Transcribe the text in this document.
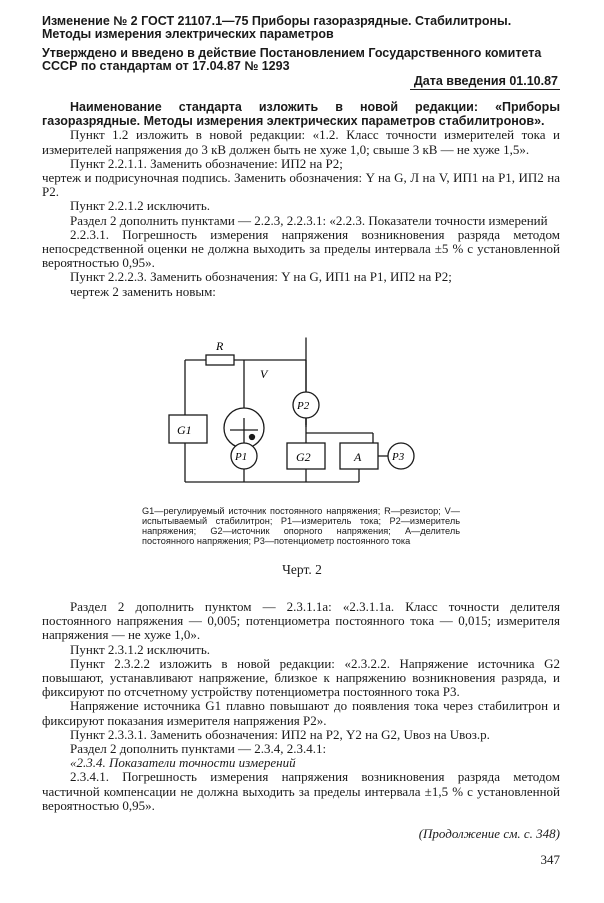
Изменение № 2 ГОСТ 21107.1—75 Приборы газоразрядные. Стабилитроны.
Методы измерения электрических параметров
Утверждено и введено в действие Постановлением Государственного комитета
СССР по стандартам от 17.04.87 № 1293
Дата введения 01.10.87

Наименование стандарта изложить в новой редакции: «Приборы газоразрядные. Методы измерения электрических параметров стабилитронов».

Пункт 1.2 изложить в новой редакции: «1.2. Класс точности измерителей тока и измерителей напряжения до 3 кВ должен быть не хуже 1,0; свыше 3 кВ — не хуже 1,5».

Пункт 2.2.1.1. Заменить обозначение: ИП2 на Р2;

чертеж и подрисуночная подпись. Заменить обозначения: Y на G, Л на V, ИП1 на Р1, ИП2 на Р2.

Пункт 2.2.1.2 исключить.

Раздел 2 дополнить пунктами — 2.2.3, 2.2.3.1: «2.2.3. Показатели точности измерений

2.2.3.1. Погрешность измерения напряжения возникновения разряда методом непосредственной оценки не должна выходить за пределы интервала ±5 % с установленной вероятностью 0,95».

Пункт 2.2.2.3. Заменить обозначения: Y на G, ИП1 на Р1, ИП2 на Р2;

чертеж 2 заменить новым:

R
V
G1
P1
P2
G2	A	P3
G1—регулируемый источник постоянного напряжения; R—резистор; V—испытываемый стабилитрон; P1—измеритель тока; P2—измеритель напряжения; G2—источник опорного напряжения; A—делитель постоянного напряжения; P3—потенциометр постоянного тока
Черт. 2

Раздел 2 дополнить пунктом — 2.3.1.1а: «2.3.1.1а. Класс точности делителя постоянного напряжения — 0,005; потенциометра постоянного тока — 0,015; измерителя напряжения — не хуже 1,0».

Пункт 2.3.1.2 исключить.

Пункт 2.3.2.2 изложить в новой редакции: «2.3.2.2. Напряжение источника G2 повышают, устанавливают напряжение, близкое к напряжению возникновения разряда, и фиксируют по отсчетному устройству потенциометра постоянного тока Р3.

Напряжение источника G1 плавно повышают до появления тока через стабилитрон и фиксируют показания измерителя напряжения Р2».

Пункт 2.3.3.1. Заменить обозначения: ИП2 на Р2, Y2 на G2, Uвоз на Uвоз.р.

Раздел 2 дополнить пунктами — 2.3.4, 2.3.4.1:

«2.3.4. Показатели точности измерений

2.3.4.1. Погрешность измерения напряжения возникновения разряда методом частичной компенсации не должна выходить за пределы интервала ±1,5 % с установленной вероятностью 0,95».

(Продолжение см. с. 348)
347
